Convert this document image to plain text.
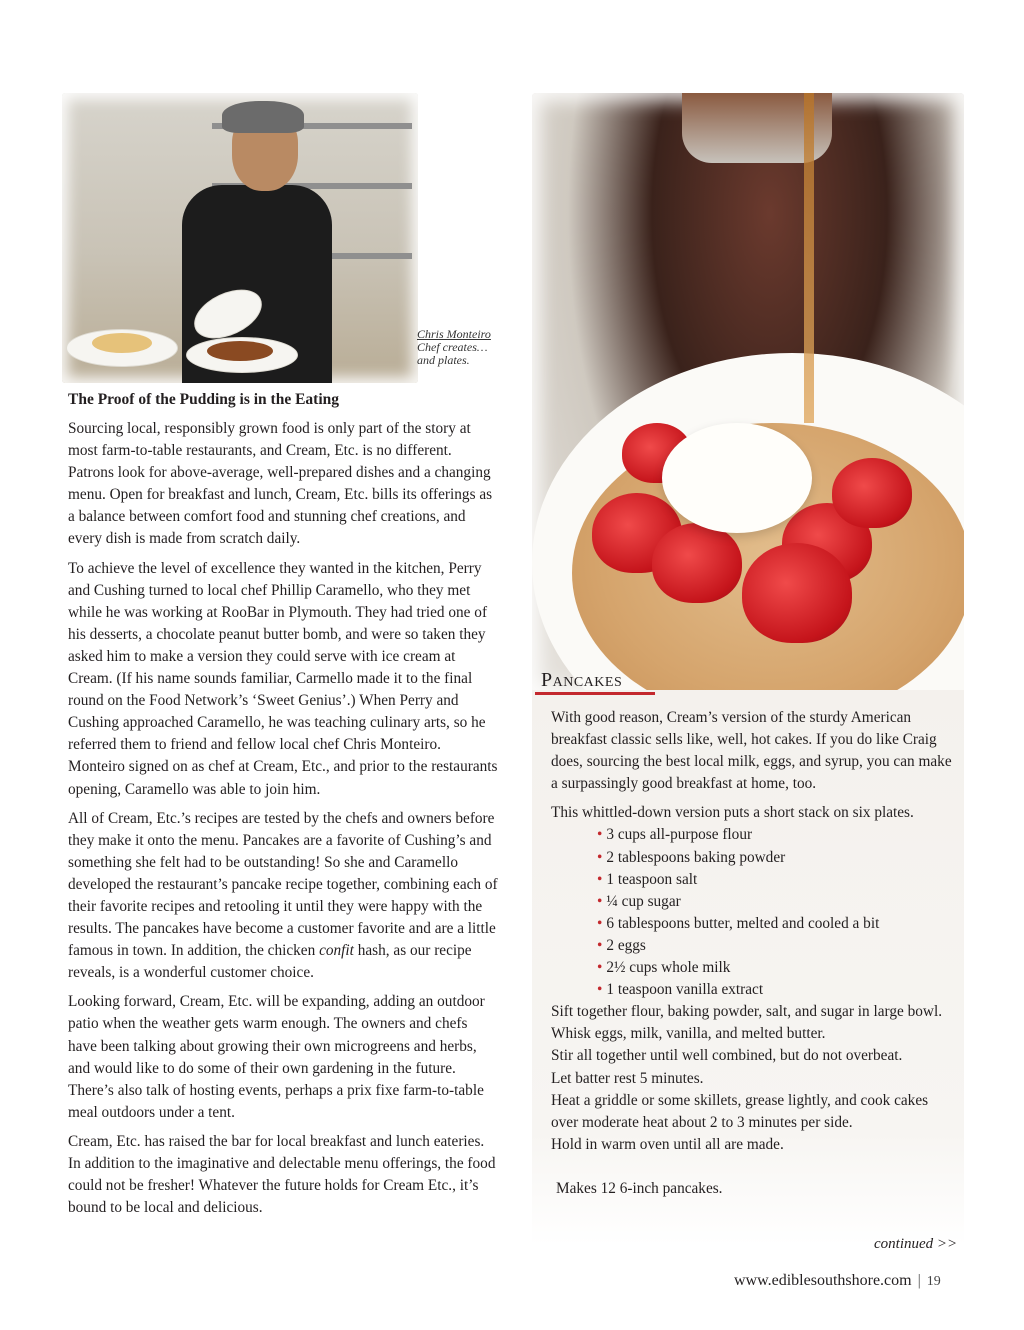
Chris Monteiro
Chef creates…
and plates.
The Proof of the Pudding is in the Eating

Sourcing local, responsibly grown food is only part of the story at most farm-to-table restaurants, and Cream, Etc. is no different. Patrons look for above-average, well-prepared dishes and a changing menu. Open for breakfast and lunch, Cream, Etc. bills its offerings as a balance between comfort food and stunning chef creations, and every dish is made from scratch daily.

To achieve the level of excellence they wanted in the kitchen, Perry and Cushing turned to local chef Phillip Caramello, who they met while he was working at RooBar in Plymouth. They had tried one of his desserts, a chocolate peanut butter bomb, and were so taken they asked him to make a version they could serve with ice cream at Cream. (If his name sounds familiar, Carmello made it to the final round on the Food Network’s ‘Sweet Genius’.) When Perry and Cushing approached Caramello, he was teaching culinary arts, so he referred them to friend and fellow local chef Chris Monteiro. Monteiro signed on as chef at Cream, Etc., and prior to the restaurants opening, Caramello was able to join him.

All of Cream, Etc.’s recipes are tested by the chefs and owners before they make it onto the menu. Pancakes are a favorite of Cushing’s and something she felt had to be outstanding! So she and Caramello developed the restaurant’s pancake recipe together, combining each of their favorite recipes and retooling it until they were happy with the results. The pancakes have become a customer favorite and are a little famous in town. In addition, the chicken confit hash, as our recipe reveals, is a wonderful customer choice.

Looking forward, Cream, Etc. will be expanding, adding an outdoor patio when the weather gets warm enough. The owners and chefs have been talking about growing their own microgreens and herbs, and would like to do some of their own gardening in the future. There’s also talk of hosting events, perhaps a prix fixe farm-to-table meal outdoors under a tent.

Cream, Etc. has raised the bar for local breakfast and lunch eateries. In addition to the imaginative and delectable menu offerings, the food could not be fresher! Whatever the future holds for Cream Etc., it’s bound to be local and delicious.

Pancakes

With good reason, Cream’s version of the sturdy American breakfast classic sells like, well, hot cakes. If you do like Craig does, sourcing the best local milk, eggs, and syrup, you can make a surpassingly good breakfast at home, too.

This whittled-down version puts a short stack on six plates.

• 3 cups all-purpose flour
• 2 tablespoons baking powder
• 1 teaspoon salt
• ¼ cup sugar
• 6 tablespoons butter, melted and cooled a bit
• 2 eggs
• 2½ cups whole milk
• 1 teaspoon vanilla extract
Sift together flour, baking powder, salt, and sugar in large bowl.
Whisk eggs, milk, vanilla, and melted butter.
Stir all together until well combined, but do not overbeat.
Let batter rest 5 minutes.
Heat a griddle or some skillets, grease lightly, and cook cakes over moderate heat about 2 to 3 minutes per side.
Hold in warm oven until all are made.
Makes 12 6-inch pancakes.
continued >>
www.ediblesouthshore.com | 19
